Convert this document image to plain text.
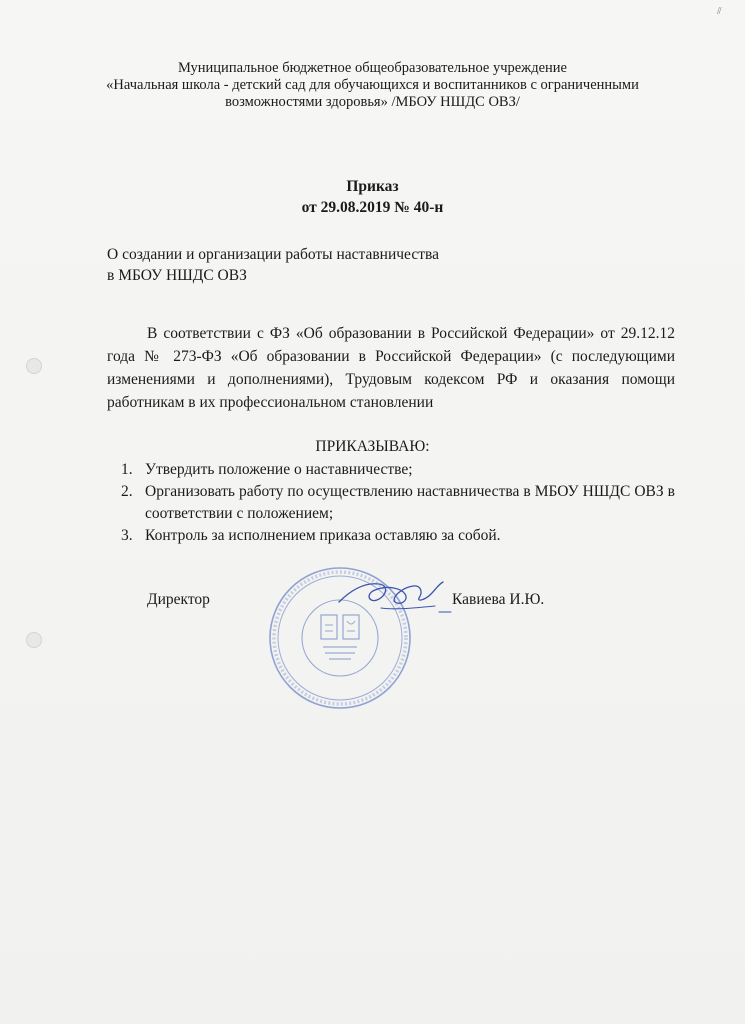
//
Муниципальное бюджетное общеобразовательное учреждение
«Начальная школа - детский сад для обучающихся и воспитанников с ограниченными
возможностями здоровья» /МБОУ НШДС ОВЗ/
Приказ
от 29.08.2019 № 40-н
О создании и организации работы наставничества
в МБОУ НШДС ОВЗ
В соответствии с ФЗ «Об образовании в Российской Федерации» от 29.12.12 года № 273-ФЗ «Об образовании в Российской Федерации» (с последующими изменениями и дополнениями), Трудовым кодексом РФ и оказания помощи работникам в их профессиональном становлении
ПРИКАЗЫВАЮ:
1. Утвердить положение о наставничестве;
2. Организовать работу по осуществлению наставничества в МБОУ НШДС ОВЗ в соответствии с положением;
3. Контроль за исполнением приказа оставляю за собой.
Директор	Кавиева И.Ю.
